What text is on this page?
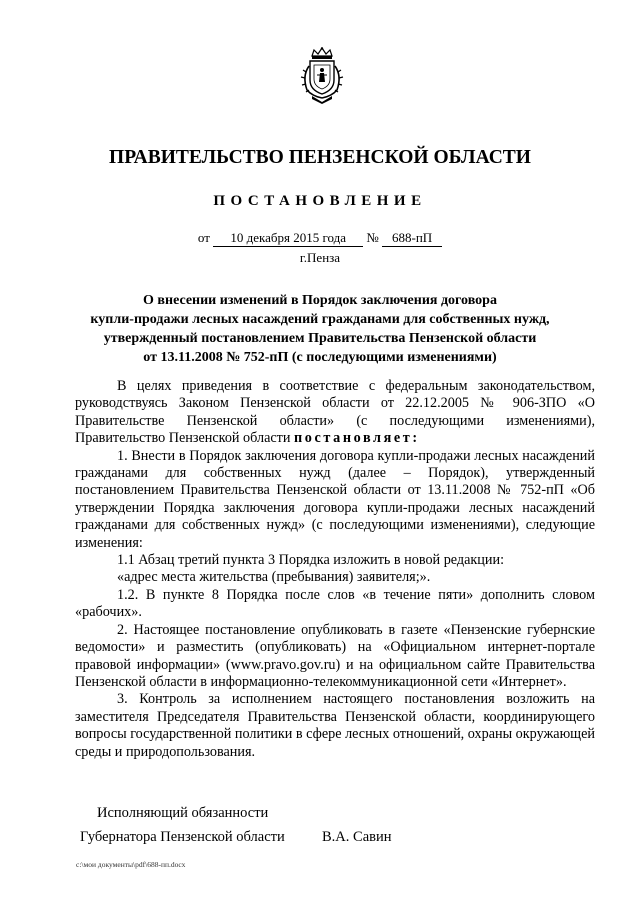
ПРАВИТЕЛЬСТВО ПЕНЗЕНСКОЙ ОБЛАСТИ
ПОСТАНОВЛЕНИЕ
от 10 декабря 2015 года № 688-пП
г.Пенза
О внесении изменений в Порядок заключения договора
купли-продажи лесных насаждений гражданами для собственных нужд,
утвержденный постановлением Правительства Пензенской области
от 13.11.2008 № 752-пП (с последующими изменениями)

В целях приведения в соответствие с федеральным законодательством, руководствуясь Законом Пензенской области от 22.12.2005 № 906-ЗПО «О Правительстве Пензенской области» (с последующими изменениями), Правительство Пензенской области постановляет:

1. Внести в Порядок заключения договора купли-продажи лесных насаждений гражданами для собственных нужд (далее – Порядок), утвержденный постановлением Правительства Пензенской области от 13.11.2008 № 752-пП «Об утверждении Порядка заключения договора купли-продажи лесных насаждений гражданами для собственных нужд» (с последующими изменениями), следующие изменения:

1.1 Абзац третий пункта 3 Порядка изложить в новой редакции:

«адрес места жительства (пребывания) заявителя;».

1.2. В пункте 8 Порядка после слов «в течение пяти» дополнить словом «рабочих».

2. Настоящее постановление опубликовать в газете «Пензенские губернские ведомости» и разместить (опубликовать) на «Официальном интернет-портале правовой информации» (www.pravo.gov.ru) и на официальном сайте Правительства Пензенской области в информационно-телекоммуникационной сети «Интернет».

3. Контроль за исполнением настоящего постановления возложить на заместителя Председателя Правительства Пензенской области, координирующего вопросы государственной политики в сфере лесных отношений, охраны окружающей среды и природопользования.

Исполняющий обязанности
Губернатора Пензенской области	В.А. Савин
c:\мои документы\pdf\688-пп.docx
